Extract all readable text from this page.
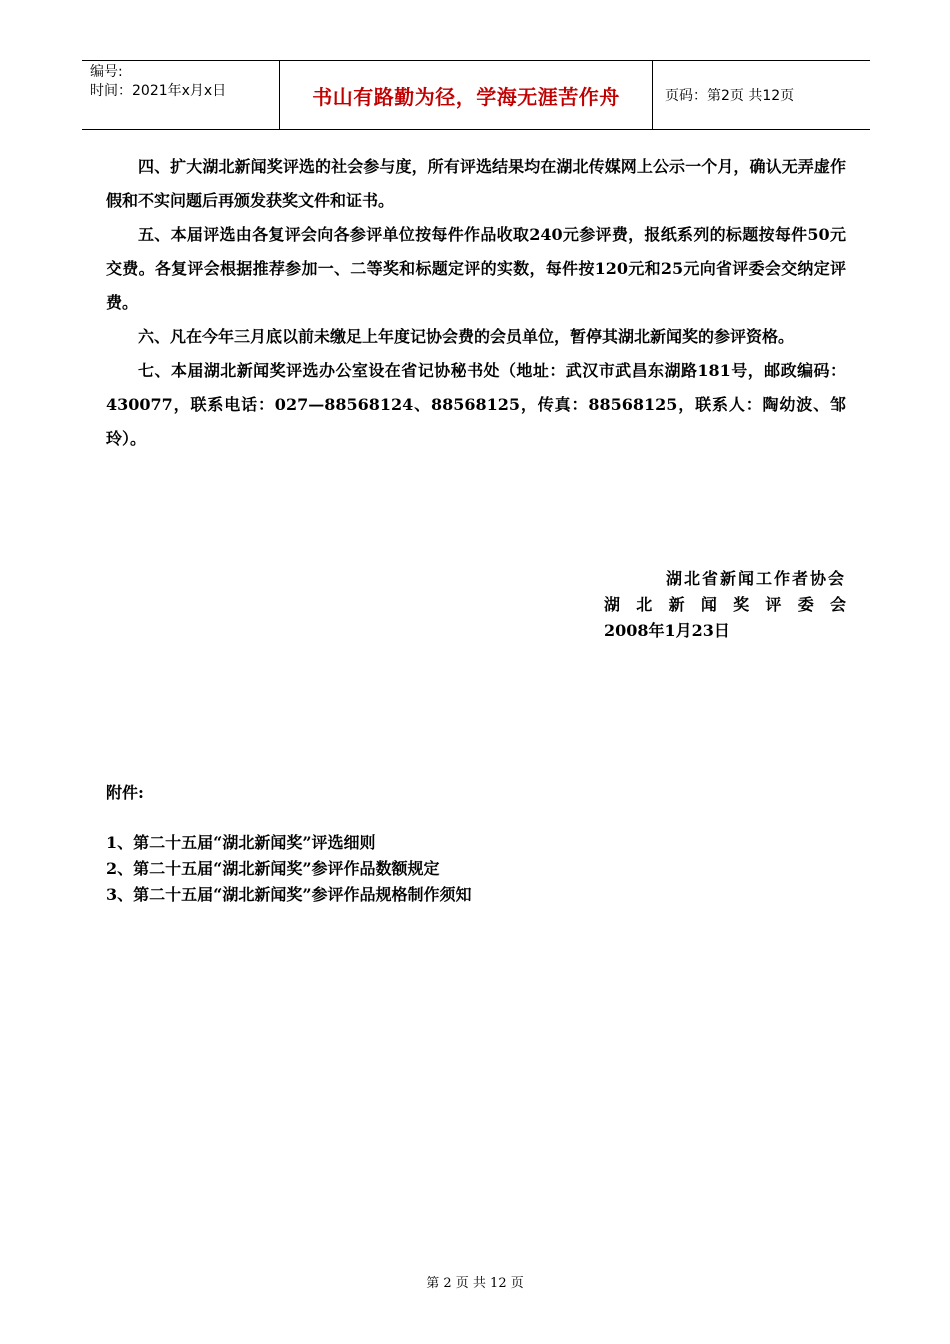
编号:
时间：2021年x月x日	书山有路勤为径，学海无涯苦作舟	页码：第2页 共12页

四、扩大湖北新闻奖评选的社会参与度，所有评选结果均在湖北传媒网上公示一个月，确认无弄虚作假和不实问题后再颁发获奖文件和证书。

五、本届评选由各复评会向各参评单位按每件作品收取240元参评费，报纸系列的标题按每件50元交费。各复评会根据推荐参加一、二等奖和标题定评的实数，每件按120元和25元向省评委会交纳定评费。

六、凡在今年三月底以前未缴足上年度记协会费的会员单位，暂停其湖北新闻奖的参评资格。

七、本届湖北新闻奖评选办公室设在省记协秘书处（地址：武汉市武昌东湖路181号，邮政编码：430077，联系电话：027—88568124、88568125，传真：88568125，联系人：陶幼波、邹玲）。

湖北省新闻工作者协会
湖北新闻奖评委会
2008年1月23日
附件:
1、第二十五届“湖北新闻奖”评选细则
2、第二十五届“湖北新闻奖”参评作品数额规定
3、第二十五届“湖北新闻奖”参评作品规格制作须知
第 2 页 共 12 页
